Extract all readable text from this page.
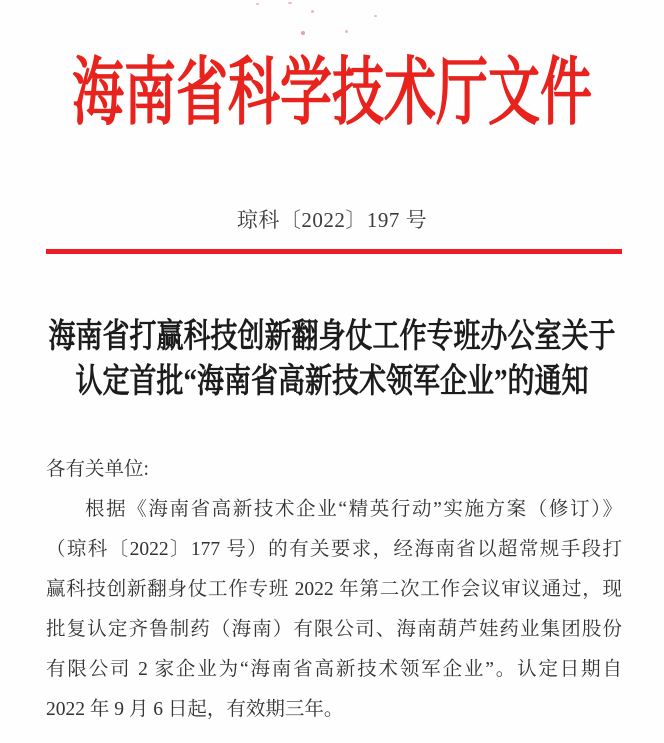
海南省科学技术厅文件
琼科〔2022〕197 号
海南省打赢科技创新翻身仗工作专班办公室关于
认定首批“海南省高新技术领军企业”的通知
各有关单位:
根据《海南省高新技术企业“精英行动”实施方案（修订）》
（琼科〔2022〕177 号）的有关要求，经海南省以超常规手段打
赢科技创新翻身仗工作专班 2022 年第二次工作会议审议通过，现
批复认定齐鲁制药（海南）有限公司、海南葫芦娃药业集团股份
有限公司 2 家企业为“海南省高新技术领军企业”。认定日期自
2022 年 9 月 6 日起，有效期三年。
